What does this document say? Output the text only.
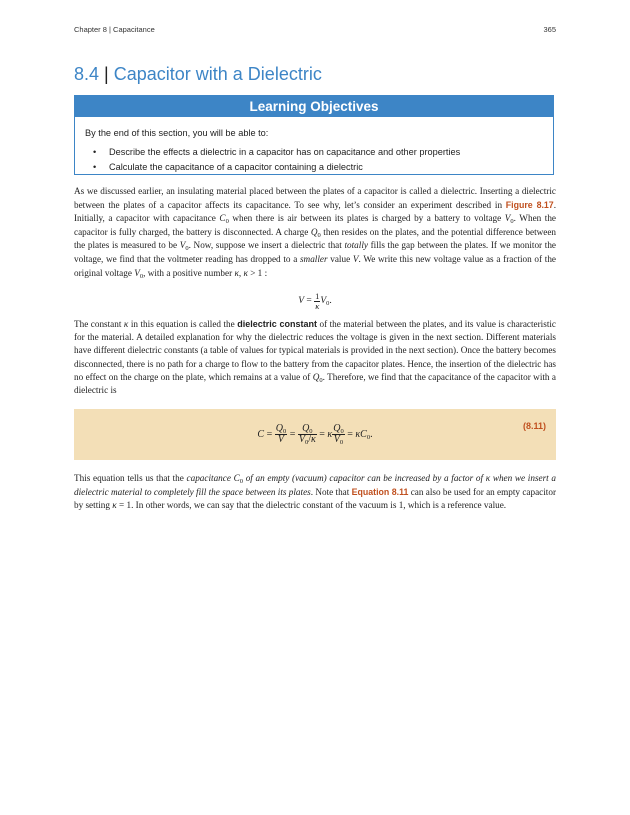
Chapter 8 | Capacitance	365
8.4 | Capacitor with a Dielectric
Learning Objectives
By the end of this section, you will be able to:
• Describe the effects a dielectric in a capacitor has on capacitance and other properties
• Calculate the capacitance of a capacitor containing a dielectric

As we discussed earlier, an insulating material placed between the plates of a capacitor is called a dielectric. Inserting a dielectric between the plates of a capacitor affects its capacitance. To see why, let’s consider an experiment described in Figure 8.17. Initially, a capacitor with capacitance $C_0$ when there is air between its plates is charged by a battery to voltage $V_0$. When the capacitor is fully charged, the battery is disconnected. A charge $Q_0$ then resides on the plates, and the potential difference between the plates is measured to be $V_0$. Now, suppose we insert a dielectric that totally fills the gap between the plates. If we monitor the voltage, we find that the voltmeter reading has dropped to a smaller value V. We write this new voltage value as a fraction of the original voltage $V_0$, with a positive number κ, κ > 1 :

$V = \frac{1}{\kappa} V_0$.

The constant κ in this equation is called the dielectric constant of the material between the plates, and its value is characteristic for the material. A detailed explanation for why the dielectric reduces the voltage is given in the next section. Different materials have different dielectric constants (a table of values for typical materials is provided in the next section). Once the battery becomes disconnected, there is no path for a charge to flow to the battery from the capacitor plates. Hence, the insertion of the dielectric has no effect on the charge on the plate, which remains at a value of $Q_0$. Therefore, we find that the capacitance of the capacitor with a dielectric is

$C = \frac{Q_0}{V} = \frac{Q_0}{V_0/\kappa} = \kappa \frac{Q_0}{V_0} = \kappa C_0$.
(8.11)

This equation tells us that the capacitance $C_0$ of an empty (vacuum) capacitor can be increased by a factor of κ when we insert a dielectric material to completely fill the space between its plates. Note that Equation 8.11 can also be used for an empty capacitor by setting κ = 1. In other words, we can say that the dielectric constant of the vacuum is 1, which is a reference value.
